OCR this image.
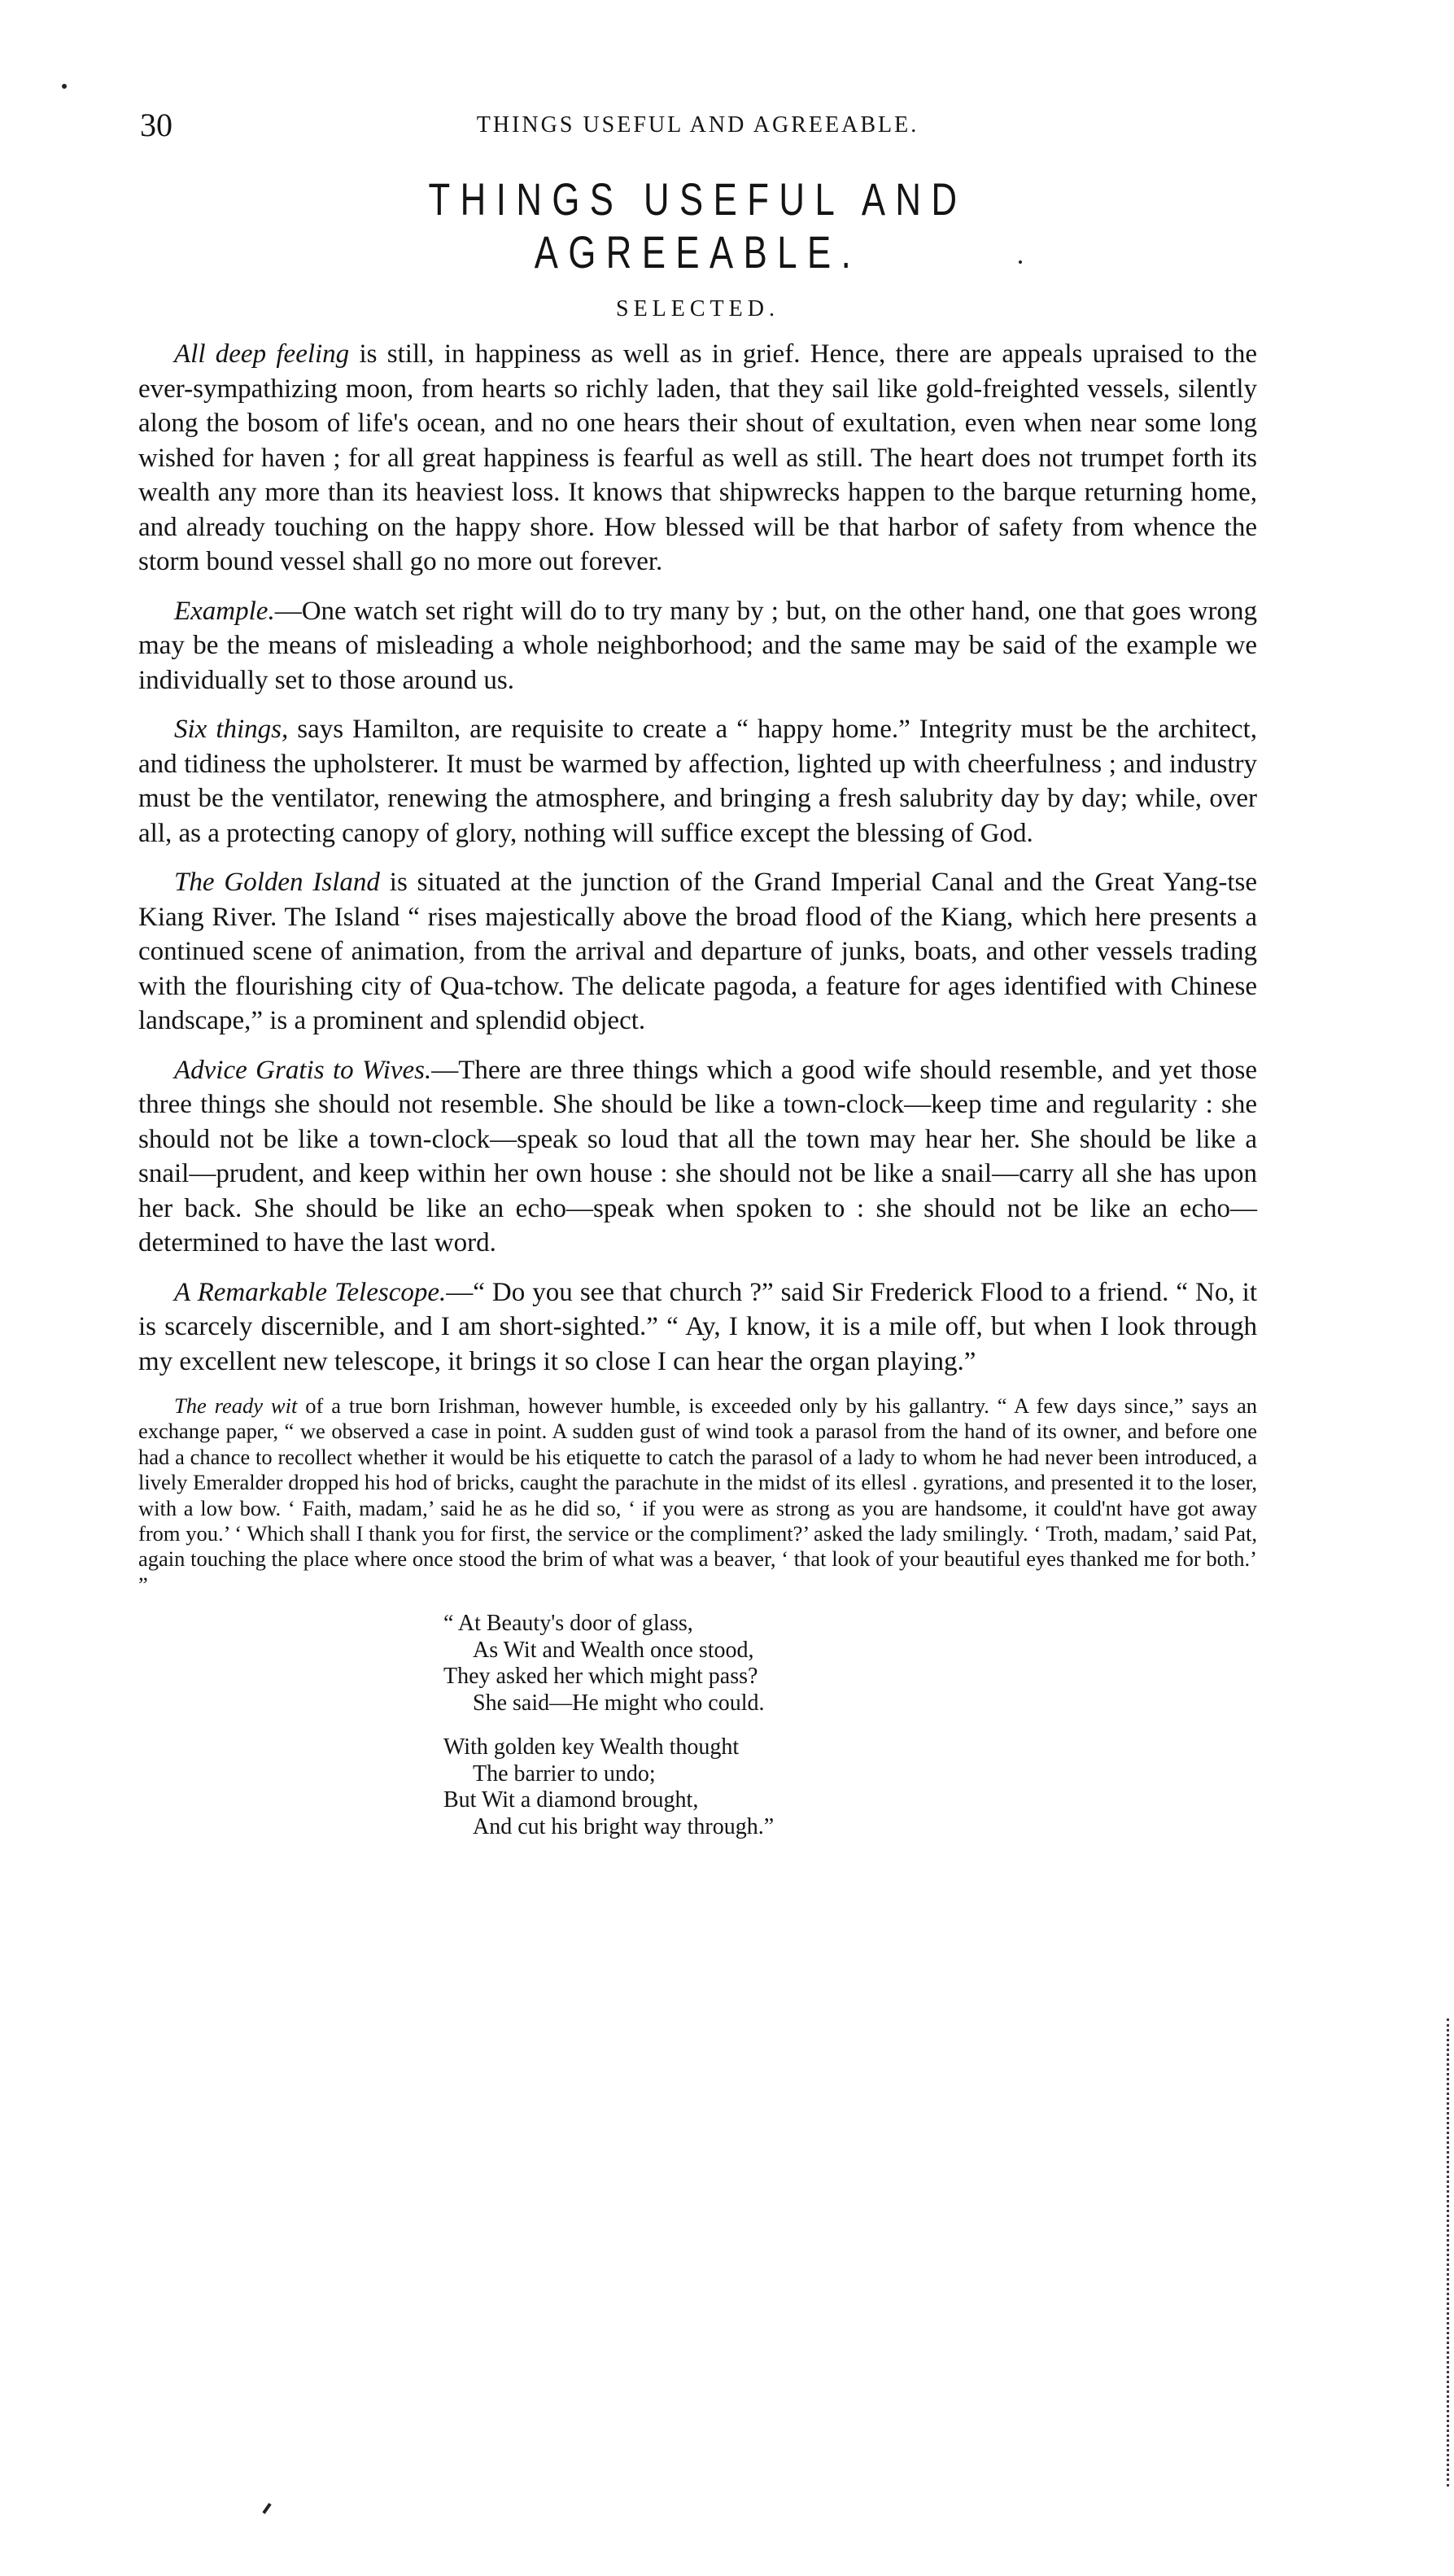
30	THINGS USEFUL AND AGREEABLE.
THINGS USEFUL AND AGREEABLE.
SELECTED.

All deep feeling is still, in happiness as well as in grief. Hence, there are appeals upraised to the ever-sympathizing moon, from hearts so richly laden, that they sail like gold-freighted vessels, silently along the bosom of life's ocean, and no one hears their shout of exultation, even when near some long wished for haven ; for all great happiness is fearful as well as still. The heart does not trumpet forth its wealth any more than its heaviest loss. It knows that shipwrecks happen to the barque returning home, and already touching on the happy shore. How blessed will be that harbor of safety from whence the storm bound vessel shall go no more out forever.

Example.—One watch set right will do to try many by ; but, on the other hand, one that goes wrong may be the means of misleading a whole neighborhood; and the same may be said of the example we individually set to those around us.

Six things, says Hamilton, are requisite to create a “ happy home.” Integrity must be the architect, and tidiness the upholsterer. It must be warmed by affection, lighted up with cheerfulness ; and industry must be the ventilator, renewing the atmosphere, and bringing a fresh salubrity day by day; while, over all, as a protecting canopy of glory, nothing will suffice except the blessing of God.

The Golden Island is situated at the junction of the Grand Imperial Canal and the Great Yang-tse Kiang River. The Island “ rises majestically above the broad flood of the Kiang, which here presents a continued scene of animation, from the arrival and departure of junks, boats, and other vessels trading with the flourishing city of Qua-tchow. The delicate pagoda, a feature for ages identified with Chinese landscape,” is a prominent and splendid object.

Advice Gratis to Wives.—There are three things which a good wife should resemble, and yet those three things she should not resemble. She should be like a town-clock—keep time and regularity : she should not be like a town-clock—speak so loud that all the town may hear her. She should be like a snail—prudent, and keep within her own house : she should not be like a snail—carry all she has upon her back. She should be like an echo—speak when spoken to : she should not be like an echo—determined to have the last word.

A Remarkable Telescope.—“ Do you see that church ?” said Sir Frederick Flood to a friend. “ No, it is scarcely discernible, and I am short-sighted.” “ Ay, I know, it is a mile off, but when I look through my excellent new telescope, it brings it so close I can hear the organ playing.”

The ready wit of a true born Irishman, however humble, is exceeded only by his gallantry. “ A few days since,” says an exchange paper, “ we observed a case in point. A sudden gust of wind took a parasol from the hand of its owner, and before one had a chance to recollect whether it would be his etiquette to catch the parasol of a lady to whom he had never been introduced, a lively Emeralder dropped his hod of bricks, caught the parachute in the midst of its ellesl . gyrations, and presented it to the loser, with a low bow. ‘ Faith, madam,’ said he as he did so, ‘ if you were as strong as you are handsome, it could'nt have got away from you.’ ‘ Which shall I thank you for first, the service or the compliment?’ asked the lady smilingly. ‘ Troth, madam,’ said Pat, again touching the place where once stood the brim of what was a beaver, ‘ that look of your beautiful eyes thanked me for both.’ ”

“ At Beauty's door of glass,
As Wit and Wealth once stood,
They asked her which might pass?
She said—He might who could.
With golden key Wealth thought
The barrier to undo;
But Wit a diamond brought,
And cut his bright way through.”
